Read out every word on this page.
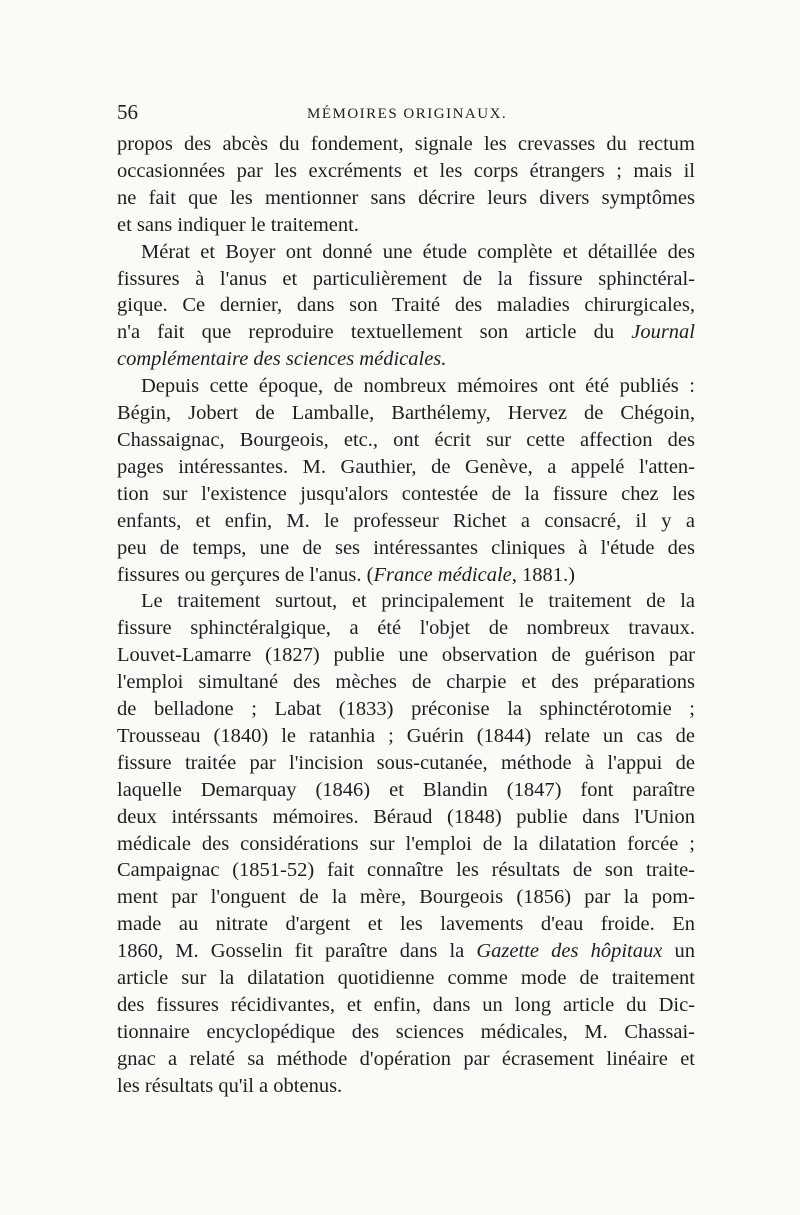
56	MÉMOIRES ORIGINAUX.
propos des abcès du fondement, signale les crevasses du rectum
occasionnées par les excréments et les corps étrangers ; mais il
ne fait que les mentionner sans décrire leurs divers symptômes
et sans indiquer le traitement.
Mérat et Boyer ont donné une étude complète et détaillée des
fissures à l'anus et particulièrement de la fissure sphinctéral-
gique. Ce dernier, dans son Traité des maladies chirurgicales,
n'a fait que reproduire textuellement son article du Journal
complémentaire des sciences médicales.
Depuis cette époque, de nombreux mémoires ont été publiés :
Bégin, Jobert de Lamballe, Barthélemy, Hervez de Chégoin,
Chassaignac, Bourgeois, etc., ont écrit sur cette affection des
pages intéressantes. M. Gauthier, de Genève, a appelé l'atten-
tion sur l'existence jusqu'alors contestée de la fissure chez les
enfants, et enfin, M. le professeur Richet a consacré, il y a
peu de temps, une de ses intéressantes cliniques à l'étude des
fissures ou gerçures de l'anus. (France médicale, 1881.)
Le traitement surtout, et principalement le traitement de la
fissure sphinctéralgique, a été l'objet de nombreux travaux.
Louvet-Lamarre (1827) publie une observation de guérison par
l'emploi simultané des mèches de charpie et des préparations
de belladone ; Labat (1833) préconise la sphinctérotomie ;
Trousseau (1840) le ratanhia ; Guérin (1844) relate un cas de
fissure traitée par l'incision sous-cutanée, méthode à l'appui de
laquelle Demarquay (1846) et Blandin (1847) font paraître
deux intérssants mémoires. Béraud (1848) publie dans l'Union
médicale des considérations sur l'emploi de la dilatation forcée ;
Campaignac (1851-52) fait connaître les résultats de son traite-
ment par l'onguent de la mère, Bourgeois (1856) par la pom-
made au nitrate d'argent et les lavements d'eau froide. En
1860, M. Gosselin fit paraître dans la Gazette des hôpitaux un
article sur la dilatation quotidienne comme mode de traitement
des fissures récidivantes, et enfin, dans un long article du Dic-
tionnaire encyclopédique des sciences médicales, M. Chassai-
gnac a relaté sa méthode d'opération par écrasement linéaire et
les résultats qu'il a obtenus.
